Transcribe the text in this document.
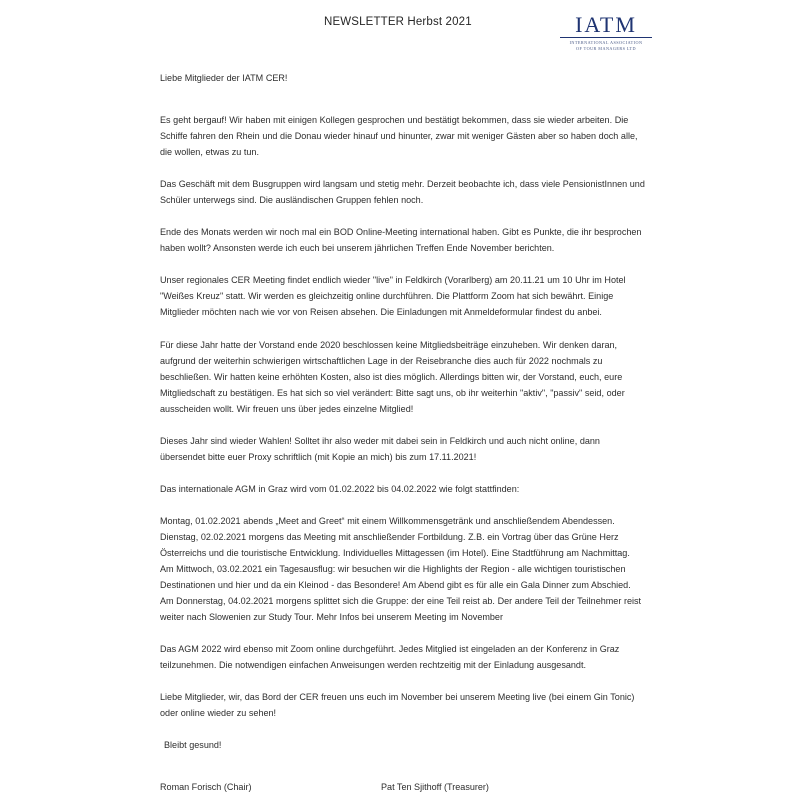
NEWSLETTER Herbst 2021	IATM
INTERNATIONAL ASSOCIATION
OF TOUR MANAGERS LTD

Liebe Mitglieder der IATM CER!

Es geht bergauf! Wir haben mit einigen Kollegen gesprochen und bestätigt bekommen, dass sie wieder arbeiten. Die Schiffe fahren den Rhein und die Donau wieder hinauf und hinunter, zwar mit weniger Gästen aber so haben doch alle, die wollen, etwas zu tun.

Das Geschäft mit dem Busgruppen wird langsam und stetig mehr. Derzeit beobachte ich, dass viele PensionistInnen und Schüler unterwegs sind. Die ausländischen Gruppen fehlen noch.

Ende des Monats werden wir noch mal ein BOD Online-Meeting international haben. Gibt es Punkte, die ihr besprochen haben wollt? Ansonsten werde ich euch bei unserem jährlichen Treffen Ende November berichten.

Unser regionales CER Meeting findet endlich wieder "live" in Feldkirch (Vorarlberg) am 20.11.21 um 10 Uhr im Hotel "Weißes Kreuz" statt. Wir werden es gleichzeitig online durchführen. Die Plattform Zoom hat sich bewährt. Einige Mitglieder möchten nach wie vor von Reisen absehen. Die Einladungen mit Anmeldeformular findest du anbei.

Für diese Jahr hatte der Vorstand ende 2020 beschlossen keine Mitgliedsbeiträge einzuheben. Wir denken daran, aufgrund der weiterhin schwierigen wirtschaftlichen Lage in der Reisebranche dies auch für 2022 nochmals zu beschließen. Wir hatten keine erhöhten Kosten, also ist dies möglich. Allerdings bitten wir, der Vorstand, euch, eure Mitgliedschaft zu bestätigen. Es hat sich so viel verändert: Bitte sagt uns, ob ihr weiterhin "aktiv", "passiv" seid, oder ausscheiden wollt. Wir freuen uns über jedes einzelne Mitglied!

Dieses Jahr sind wieder Wahlen! Solltet ihr also weder mit dabei sein in Feldkirch und auch nicht online, dann übersendet bitte euer Proxy schriftlich (mit Kopie an mich) bis zum 17.11.2021!

Das internationale AGM in Graz wird vom 01.02.2022 bis 04.02.2022 wie folgt stattfinden:

Montag, 01.02.2021 abends „Meet and Greet“ mit einem Willkommensgetränk und anschließendem Abendessen.

Dienstag, 02.02.2021 morgens das Meeting mit anschließender Fortbildung. Z.B. ein Vortrag über das Grüne Herz Österreichs und die touristische Entwicklung. Individuelles Mittagessen (im Hotel). Eine Stadtführung am Nachmittag.

Am Mittwoch, 03.02.2021 ein Tagesausflug: wir besuchen wir die Highlights der Region - alle wichtigen touristischen Destinationen und hier und da ein Kleinod - das Besondere! Am Abend gibt es für alle ein Gala Dinner zum Abschied.

Am Donnerstag, 04.02.2021 morgens splittet sich die Gruppe: der eine Teil reist ab. Der andere Teil der Teilnehmer reist weiter nach Slowenien zur Study Tour. Mehr Infos bei unserem Meeting im November

Das AGM 2022 wird ebenso mit Zoom online durchgeführt. Jedes Mitglied ist eingeladen an der Konferenz in Graz teilzunehmen. Die notwendigen einfachen Anweisungen werden rechtzeitig mit der Einladung ausgesandt.

Liebe Mitglieder, wir, das Bord der CER freuen uns euch im November bei unserem Meeting live (bei einem Gin Tonic) oder online wieder zu sehen!

Bleibt gesund!

Roman Forisch (Chair)	Pat Ten Sjithoff (Treasurer)
